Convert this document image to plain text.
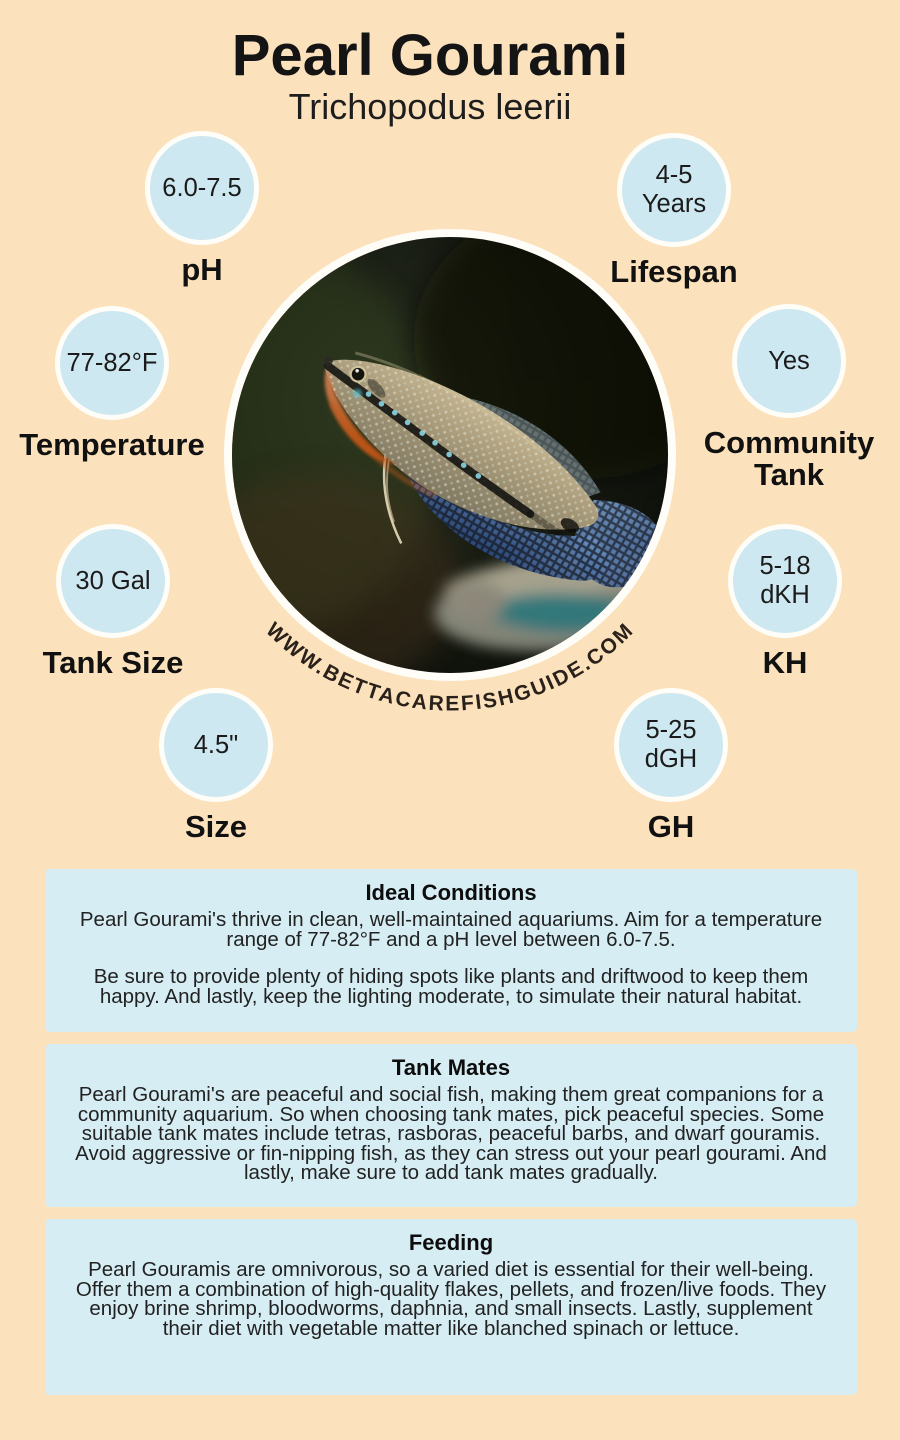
Pearl Gourami
Trichopodus leerii
6.0-7.5
pH
4-5 Years
Lifespan
77-82°F
Temperature
Yes
Community Tank
30 Gal
Tank Size
5-18 dKH
KH
4.5"
Size
5-25 dGH
GH
WWW.BETTACAREFISHGUIDE.COM
Ideal Conditions

Pearl Gourami's thrive in clean, well-maintained aquariums. Aim for a temperature range of 77-82°F and a pH level between 6.0-7.5.

Be sure to provide plenty of hiding spots like plants and driftwood to keep them happy. And lastly, keep the lighting moderate, to simulate their natural habitat.

Tank Mates

Pearl Gourami's are peaceful and social fish, making them great companions for a community aquarium. So when choosing tank mates, pick peaceful species. Some suitable tank mates include tetras, rasboras, peaceful barbs, and dwarf gouramis. Avoid aggressive or fin-nipping fish, as they can stress out your pearl gourami. And lastly, make sure to add tank mates gradually.

Feeding

Pearl Gouramis are omnivorous, so a varied diet is essential for their well-being. Offer them a combination of high-quality flakes, pellets, and frozen/live foods. They enjoy brine shrimp, bloodworms, daphnia, and small insects. Lastly, supplement their diet with vegetable matter like blanched spinach or lettuce.
